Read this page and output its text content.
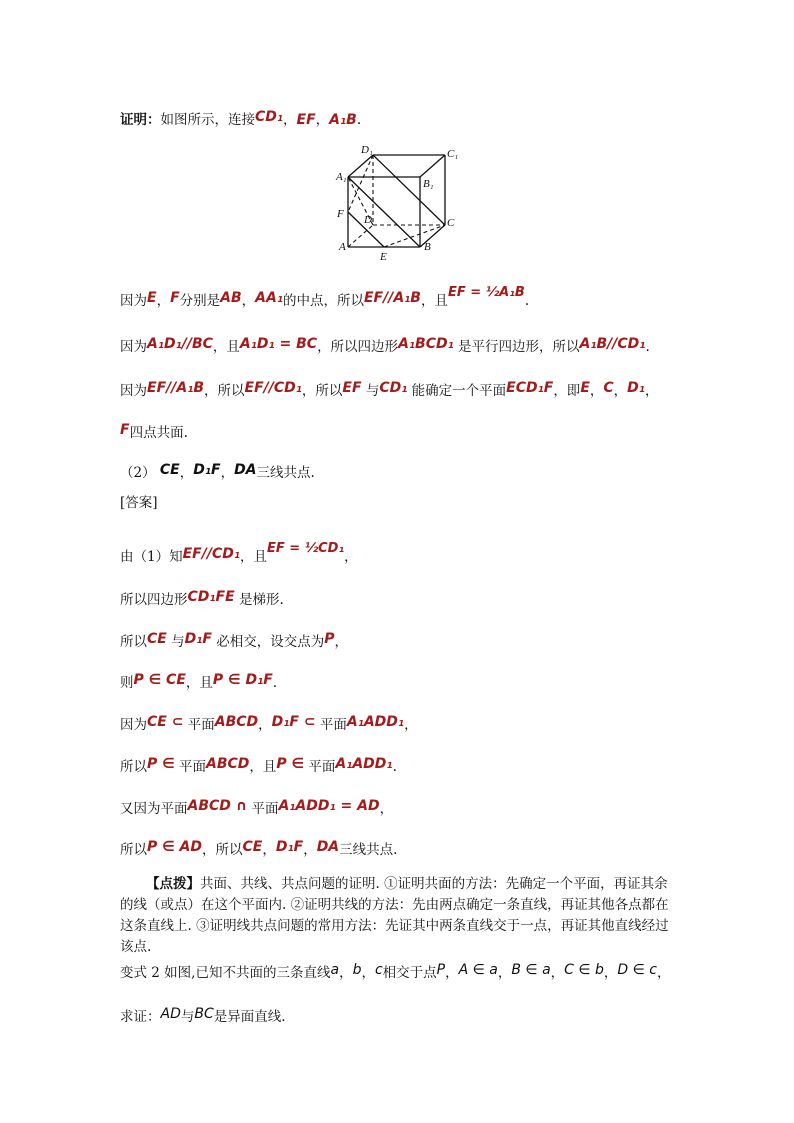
证明：如图所示，连接CD₁，EF，A₁B.
D₁	C₁
A₁
B₁
F D	C
A
E
B
因为E，F分别是AB，AA₁的中点，所以EF//A₁B，且EF = ½A₁B.
因为A₁D₁//BC，且A₁D₁ = BC，所以四边形A₁BCD₁ 是平行四边形，所以A₁B//CD₁.
因为EF//A₁B，所以EF//CD₁，所以EF 与CD₁ 能确定一个平面ECD₁F，即E，C，D₁，
F四点共面.
（2） CE，D₁F，DA三线共点.
[答案]
由（1）知EF//CD₁，且EF = ½CD₁，
所以四边形CD₁FE 是梯形.
所以CE 与D₁F 必相交，设交点为P，
则P ∈ CE，且P ∈ D₁F.
因为CE ⊂ 平面ABCD，D₁F ⊂ 平面A₁ADD₁，
所以P ∈ 平面ABCD，且P ∈ 平面A₁ADD₁.
又因为平面ABCD ∩ 平面A₁ADD₁ = AD，
所以P ∈ AD，所以CE，D₁F，DA三线共点.
【点拨】共面、共线、共点问题的证明. ①证明共面的方法：先确定一个平面，再证其余的线（或点）在这个平面内. ②证明共线的方法：先由两点确定一条直线，再证其他各点都在这条直线上. ③证明线共点问题的常用方法：先证其中两条直线交于一点，再证其他直线经过该点.
变式 2 如图,已知不共面的三条直线a，b，c相交于点P，A ∈ a，B ∈ a，C ∈ b，D ∈ c，
求证：AD与BC是异面直线.
